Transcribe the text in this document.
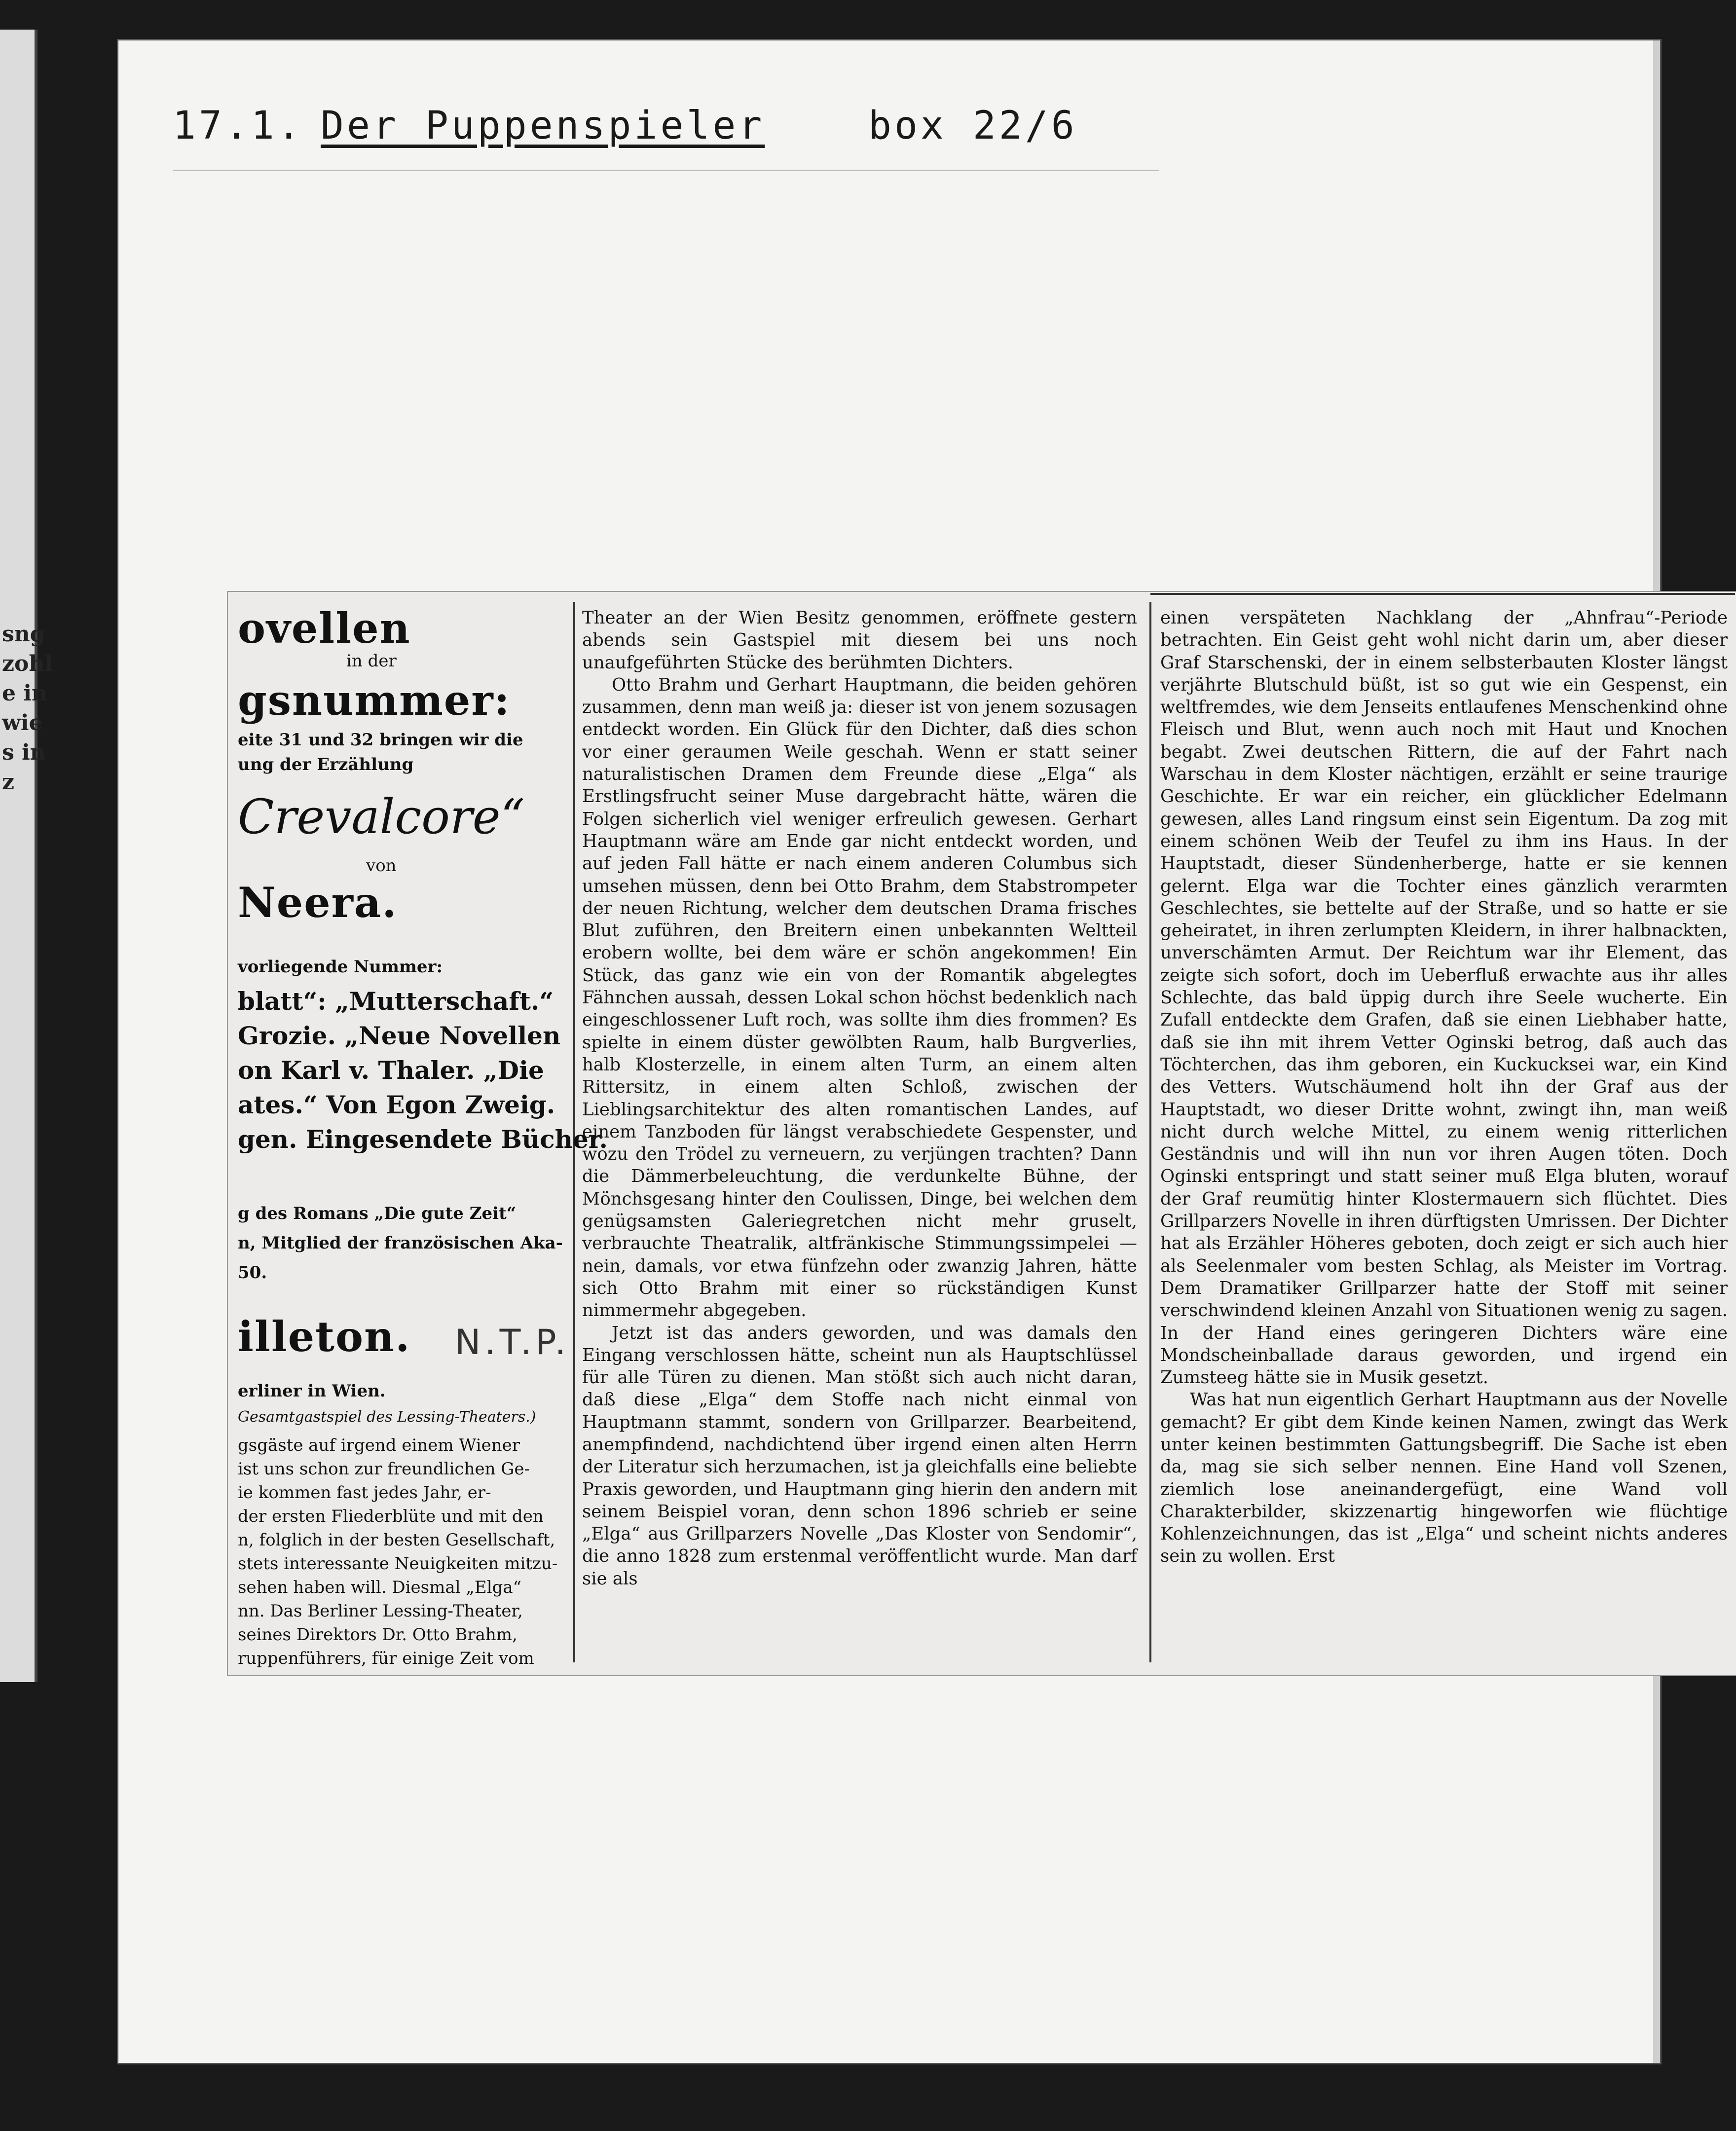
sng
zohl
e in
wie
s in
z
17.1. Der Puppenspieler	box 22/6
ovellen
in der
gsnummer:
eite 31 und 32 bringen wir die
ung der Erzählung
Crevalcore“
von
Neera.
vorliegende Nummer:
blatt“: „Mutterschaft.“
Grozie. „Neue Novellen
on Karl v. Thaler. „Die
ates.“ Von Egon Zweig.
gen. Eingesendete Bücher.
g des Romans „Die gute Zeit“
n, Mitglied der französischen Aka-
50.
illeton. N.T.P.
erliner in Wien.
Gesamtgastspiel des Lessing-Theaters.)
gsgäste auf irgend einem Wiener
ist uns schon zur freundlichen Ge-
ie kommen fast jedes Jahr, er-
der ersten Fliederblüte und mit den
n, folglich in der besten Gesellschaft,
stets interessante Neuigkeiten mitzu-
sehen haben will. Diesmal „Elga“
nn. Das Berliner Lessing-Theater,
seines Direktors Dr. Otto Brahm,
ruppenführers, für einige Zeit vom

Theater an der Wien Besitz genommen, eröffnete gestern abends sein Gastspiel mit diesem bei uns noch unaufgeführten Stücke des berühmten Dichters.

Otto Brahm und Gerhart Hauptmann, die beiden gehören zusammen, denn man weiß ja: dieser ist von jenem sozusagen entdeckt worden. Ein Glück für den Dichter, daß dies schon vor einer geraumen Weile geschah. Wenn er statt seiner naturalistischen Dramen dem Freunde diese „Elga“ als Erstlingsfrucht seiner Muse dargebracht hätte, wären die Folgen sicherlich viel weniger erfreulich gewesen. Gerhart Hauptmann wäre am Ende gar nicht entdeckt worden, und auf jeden Fall hätte er nach einem anderen Columbus sich umsehen müssen, denn bei Otto Brahm, dem Stabstrompeter der neuen Richtung, welcher dem deutschen Drama frisches Blut zuführen, den Breitern einen unbekannten Weltteil erobern wollte, bei dem wäre er schön angekommen! Ein Stück, das ganz wie ein von der Romantik abgelegtes Fähnchen aussah, dessen Lokal schon höchst bedenklich nach eingeschlossener Luft roch, was sollte ihm dies frommen? Es spielte in einem düster gewölbten Raum, halb Burgverlies, halb Klosterzelle, in einem alten Turm, an einem alten Rittersitz, in einem alten Schloß, zwischen der Lieblingsarchitektur des alten romantischen Landes, auf einem Tanzboden für längst verabschiedete Gespenster, und wozu den Trödel zu verneuern, zu verjüngen trachten? Dann die Dämmerbeleuchtung, die verdunkelte Bühne, der Mönchsgesang hinter den Coulissen, Dinge, bei welchen dem genügsamsten Galeriegretchen nicht mehr gruselt, verbrauchte Theatralik, altfränkische Stimmungssimpelei — nein, damals, vor etwa fünfzehn oder zwanzig Jahren, hätte sich Otto Brahm mit einer so rückständigen Kunst nimmermehr abgegeben.

Jetzt ist das anders geworden, und was damals den Eingang verschlossen hätte, scheint nun als Hauptschlüssel für alle Türen zu dienen. Man stößt sich auch nicht daran, daß diese „Elga“ dem Stoffe nach nicht einmal von Hauptmann stammt, sondern von Grillparzer. Bearbeitend, anempfindend, nachdichtend über irgend einen alten Herrn der Literatur sich herzumachen, ist ja gleichfalls eine beliebte Praxis geworden, und Hauptmann ging hierin den andern mit seinem Beispiel voran, denn schon 1896 schrieb er seine „Elga“ aus Grillparzers Novelle „Das Kloster von Sendomir“, die anno 1828 zum erstenmal veröffentlicht wurde. Man darf sie als

einen verspäteten Nachklang der „Ahnfrau“-Periode betrachten. Ein Geist geht wohl nicht darin um, aber dieser Graf Starschenski, der in einem selbsterbauten Kloster längst verjährte Blutschuld büßt, ist so gut wie ein Gespenst, ein weltfremdes, wie dem Jenseits entlaufenes Menschenkind ohne Fleisch und Blut, wenn auch noch mit Haut und Knochen begabt. Zwei deutschen Rittern, die auf der Fahrt nach Warschau in dem Kloster nächtigen, erzählt er seine traurige Geschichte. Er war ein reicher, ein glücklicher Edelmann gewesen, alles Land ringsum einst sein Eigentum. Da zog mit einem schönen Weib der Teufel zu ihm ins Haus. In der Hauptstadt, dieser Sündenherberge, hatte er sie kennen gelernt. Elga war die Tochter eines gänzlich verarmten Geschlechtes, sie bettelte auf der Straße, und so hatte er sie geheiratet, in ihren zerlumpten Kleidern, in ihrer halbnackten, unverschämten Armut. Der Reichtum war ihr Element, das zeigte sich sofort, doch im Ueberfluß erwachte aus ihr alles Schlechte, das bald üppig durch ihre Seele wucherte. Ein Zufall entdeckte dem Grafen, daß sie einen Liebhaber hatte, daß sie ihn mit ihrem Vetter Oginski betrog, daß auch das Töchterchen, das ihm geboren, ein Kuckucksei war, ein Kind des Vetters. Wutschäumend holt ihn der Graf aus der Hauptstadt, wo dieser Dritte wohnt, zwingt ihn, man weiß nicht durch welche Mittel, zu einem wenig ritterlichen Geständnis und will ihn nun vor ihren Augen töten. Doch Oginski entspringt und statt seiner muß Elga bluten, worauf der Graf reumütig hinter Klostermauern sich flüchtet. Dies Grillparzers Novelle in ihren dürftigsten Umrissen. Der Dichter hat als Erzähler Höheres geboten, doch zeigt er sich auch hier als Seelenmaler vom besten Schlag, als Meister im Vortrag. Dem Dramatiker Grillparzer hatte der Stoff mit seiner verschwindend kleinen Anzahl von Situationen wenig zu sagen. In der Hand eines geringeren Dichters wäre eine Mondscheinballade daraus geworden, und irgend ein Zumsteeg hätte sie in Musik gesetzt.

Was hat nun eigentlich Gerhart Hauptmann aus der Novelle gemacht? Er gibt dem Kinde keinen Namen, zwingt das Werk unter keinen bestimmten Gattungsbegriff. Die Sache ist eben da, mag sie sich selber nennen. Eine Hand voll Szenen, ziemlich lose aneinandergefügt, eine Wand voll Charakterbilder, skizzenartig hingeworfen wie flüchtige Kohlenzeichnungen, das ist „Elga“ und scheint nichts anderes sein zu wollen. Erst
